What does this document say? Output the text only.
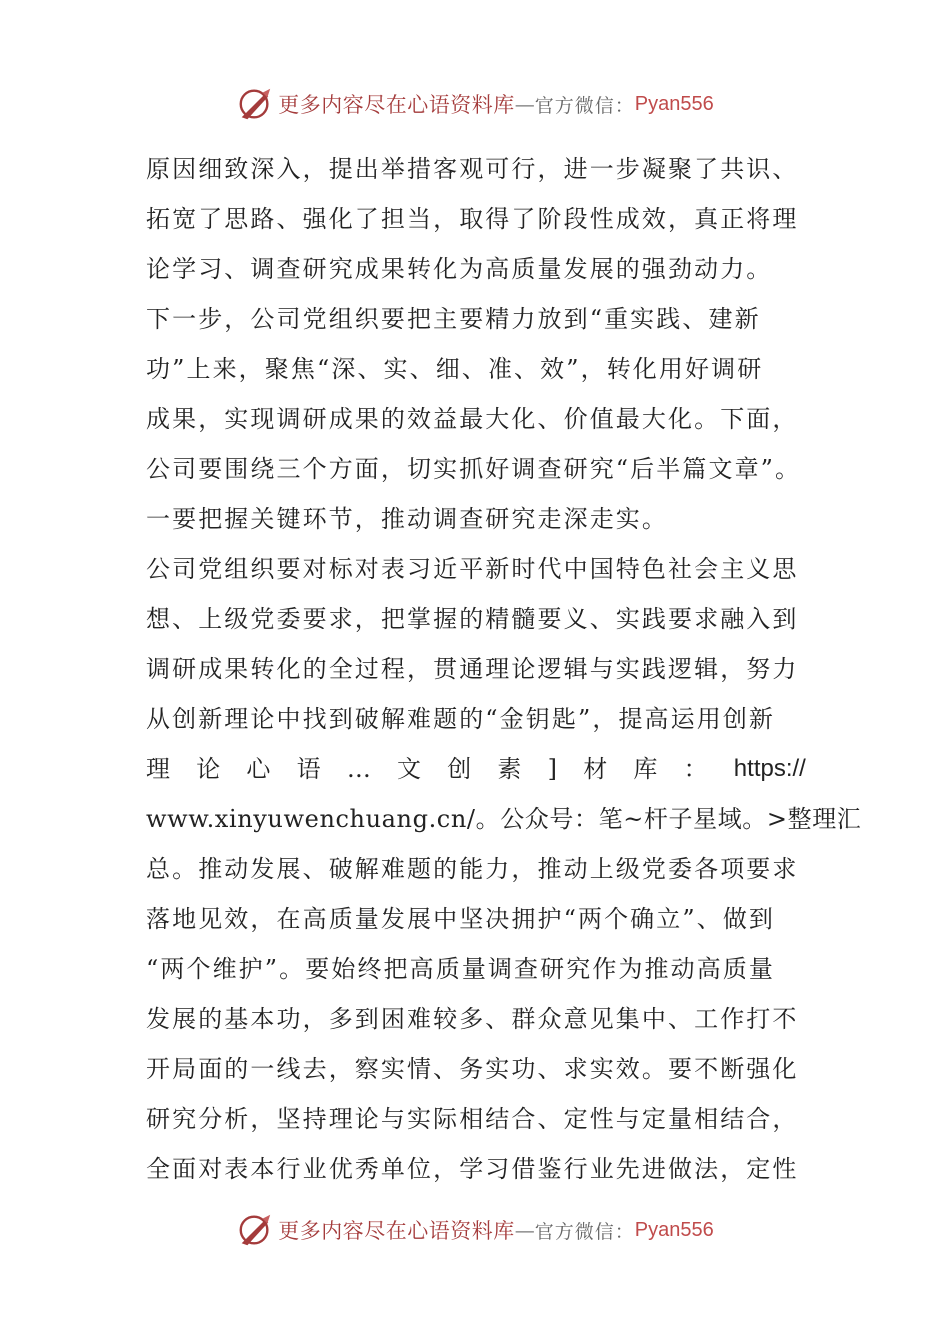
更多内容尽在心语资料库 — 官方微信： Pyan556
原因细致深入，提出举措客观可行，进一步凝聚了共识、
拓宽了思路、强化了担当，取得了阶段性成效，真正将理
论学习、调查研究成果转化为高质量发展的强劲动力。
下一步，公司党组织要把主要精力放到“重实践、建新
功”上来，聚焦“深、实、细、准、效”，转化用好调研
成果，实现调研成果的效益最大化、价值最大化。下面，
公司要围绕三个方面，切实抓好调查研究“后半篇文章”。
一要把握关键环节，推动调查研究走深走实。
公司党组织要对标对表习近平新时代中国特色社会主义思
想、上级党委要求，把掌握的精髓要义、实践要求融入到
调研成果转化的全过程，贯通理论逻辑与实践逻辑，努力
从创新理论中找到破解难题的“金钥匙”，提高运用创新
理 论 心 语 … 文 创 素 ] 材 库 ： https://
www.xinyuwenchuang.cn/。公众号：笔~杆子星域。>整理汇
总。推动发展、破解难题的能力，推动上级党委各项要求
落地见效，在高质量发展中坚决拥护“两个确立”、做到
“两个维护”。要始终把高质量调查研究作为推动高质量
发展的基本功，多到困难较多、群众意见集中、工作打不
开局面的一线去，察实情、务实功、求实效。要不断强化
研究分析，坚持理论与实际相结合、定性与定量相结合，
全面对表本行业优秀单位，学习借鉴行业先进做法，定性
更多内容尽在心语资料库 — 官方微信： Pyan556
